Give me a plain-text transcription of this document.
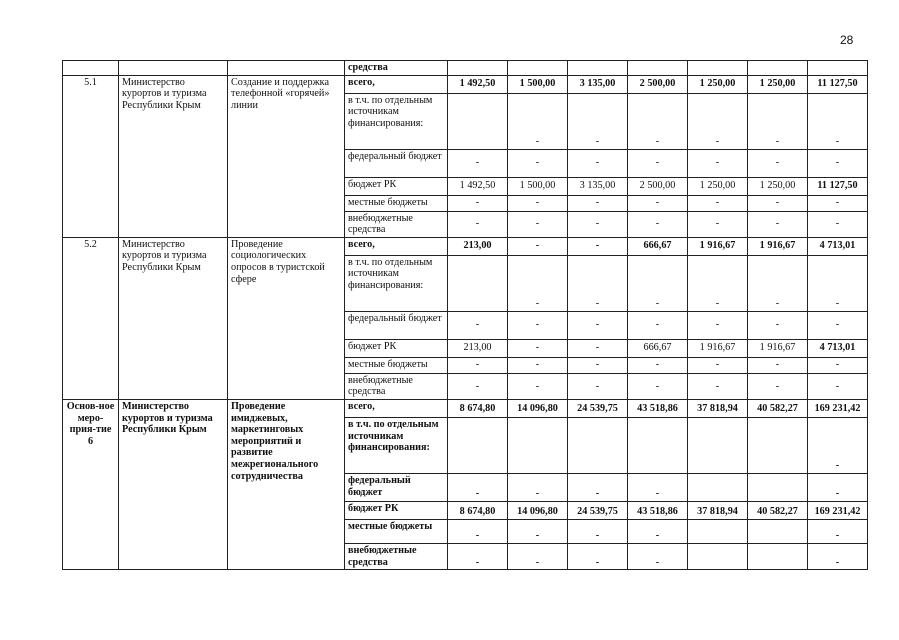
28
			средства							
5.1	Министерство курортов и туризма Республики Крым	Создание и поддержка телефонной «горячей» линии	всего,	1 492,50	1 500,00	3 135,00	2 500,00	1 250,00	1 250,00	11 127,50
			в т.ч. по отдельным источникам финансирования:		-	-	-	-	-	-
			федеральный бюджет	-	-	-	-	-	-	-
			бюджет РК	1 492,50	1 500,00	3 135,00	2 500,00	1 250,00	1 250,00	11 127,50
			местные бюджеты	-	-	-	-	-	-	-
			внебюджетные средства	-	-	-	-	-	-	-
5.2	Министерство курортов и туризма Республики Крым	Проведение социологических опросов в туристской сфере	всего,	213,00	-	-	666,67	1 916,67	1 916,67	4 713,01
			в т.ч. по отдельным источникам финансирования:		-	-	-	-	-	-
			федеральный бюджет	-	-	-	-	-	-	-
			бюджет РК	213,00	-	-	666,67	1 916,67	1 916,67	4 713,01
			местные бюджеты	-	-	-	-	-	-	-
			внебюджетные средства	-	-	-	-	-	-	-
Основ-ное меро-прия-тие 6	Министерство курортов и туризма Республики Крым	Проведение имиджевых, маркетинговых мероприятий и развитие межрегионального сотрудничества	всего,	8 674,80	14 096,80	24 539,75	43 518,86	37 818,94	40 582,27	169 231,42
			в т.ч. по отдельным источникам финансирования:							-
			федеральный бюджет	-	-	-	-			-
			бюджет РК	8 674,80	14 096,80	24 539,75	43 518,86	37 818,94	40 582,27	169 231,42
			местные бюджеты	-	-	-	-			-
			внебюджетные средства	-	-	-	-			-
